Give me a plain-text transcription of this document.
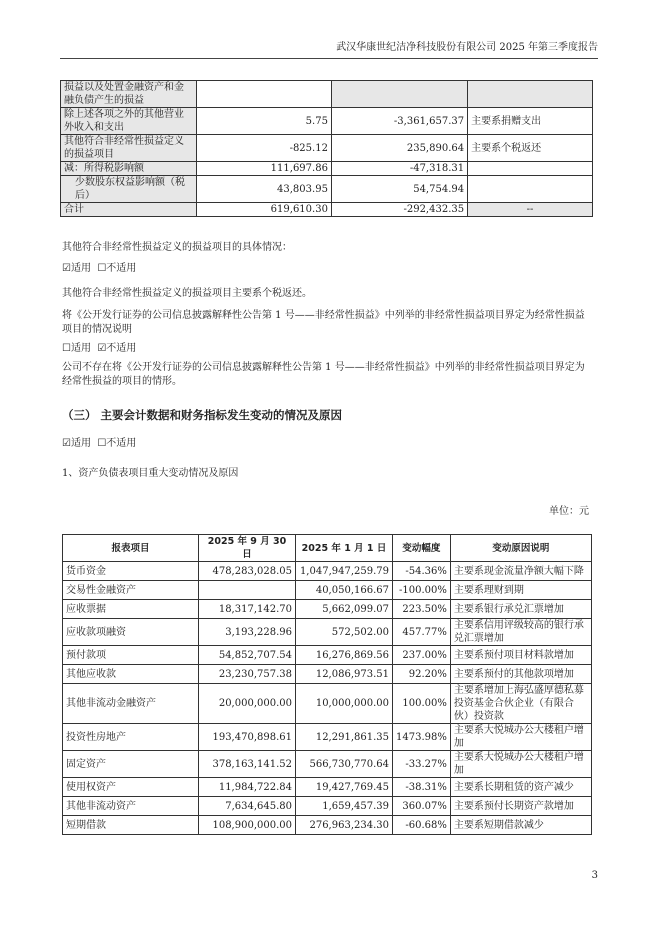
武汉华康世纪洁净科技股份有限公司 2025 年第三季度报告
损益以及处置金融资产和金融负债产生的损益			
除上述各项之外的其他营业外收入和支出	5.75	-3,361,657.37	主要系捐赠支出
其他符合非经常性损益定义的损益项目	-825.12	235,890.64	主要系个税返还
减：所得税影响额	111,697.86	-47,318.31	
少数股东权益影响额（税后）	43,803.95	54,754.94	
合计	619,610.30	-292,432.35	--
其他符合非经常性损益定义的损益项目的具体情况：
☑适用 ☐不适用
其他符合非经常性损益定义的损益项目主要系个税返还。
将《公开发行证券的公司信息披露解释性公告第 1 号——非经常性损益》中列举的非经常性损益项目界定为经常性损益
项目的情况说明
☐适用 ☑不适用
公司不存在将《公开发行证券的公司信息披露解释性公告第 1 号——非经常性损益》中列举的非经常性损益项目界定为
经常性损益的项目的情形。
（三） 主要会计数据和财务指标发生变动的情况及原因
☑适用 ☐不适用
1、资产负债表项目重大变动情况及原因
单位：元
报表项目	2025 年 9 月 30 日	2025 年 1 月 1 日	变动幅度	变动原因说明
货币资金	478,283,028.05	1,047,947,259.79	-54.36%	主要系现金流量净额大幅下降
交易性金融资产		40,050,166.67	-100.00%	主要系理财到期
应收票据	18,317,142.70	5,662,099.07	223.50%	主要系银行承兑汇票增加
应收款项融资	3,193,228.96	572,502.00	457.77%	主要系信用评级较高的银行承兑汇票增加
预付款项	54,852,707.54	16,276,869.56	237.00%	主要系预付项目材料款增加
其他应收款	23,230,757.38	12,086,973.51	92.20%	主要系预付的其他款项增加
其他非流动金融资产	20,000,000.00	10,000,000.00	100.00%	主要系增加上海弘盛厚德私募投资基金合伙企业（有限合伙）投资款
投资性房地产	193,470,898.61	12,291,861.35	1473.98%	主要系大悦城办公大楼租户增加
固定资产	378,163,141.52	566,730,770.64	-33.27%	主要系大悦城办公大楼租户增加
使用权资产	11,984,722.84	19,427,769.45	-38.31%	主要系长期租赁的资产减少
其他非流动资产	7,634,645.80	1,659,457.39	360.07%	主要系预付长期资产款增加
短期借款	108,900,000.00	276,963,234.30	-60.68%	主要系短期借款减少
3
